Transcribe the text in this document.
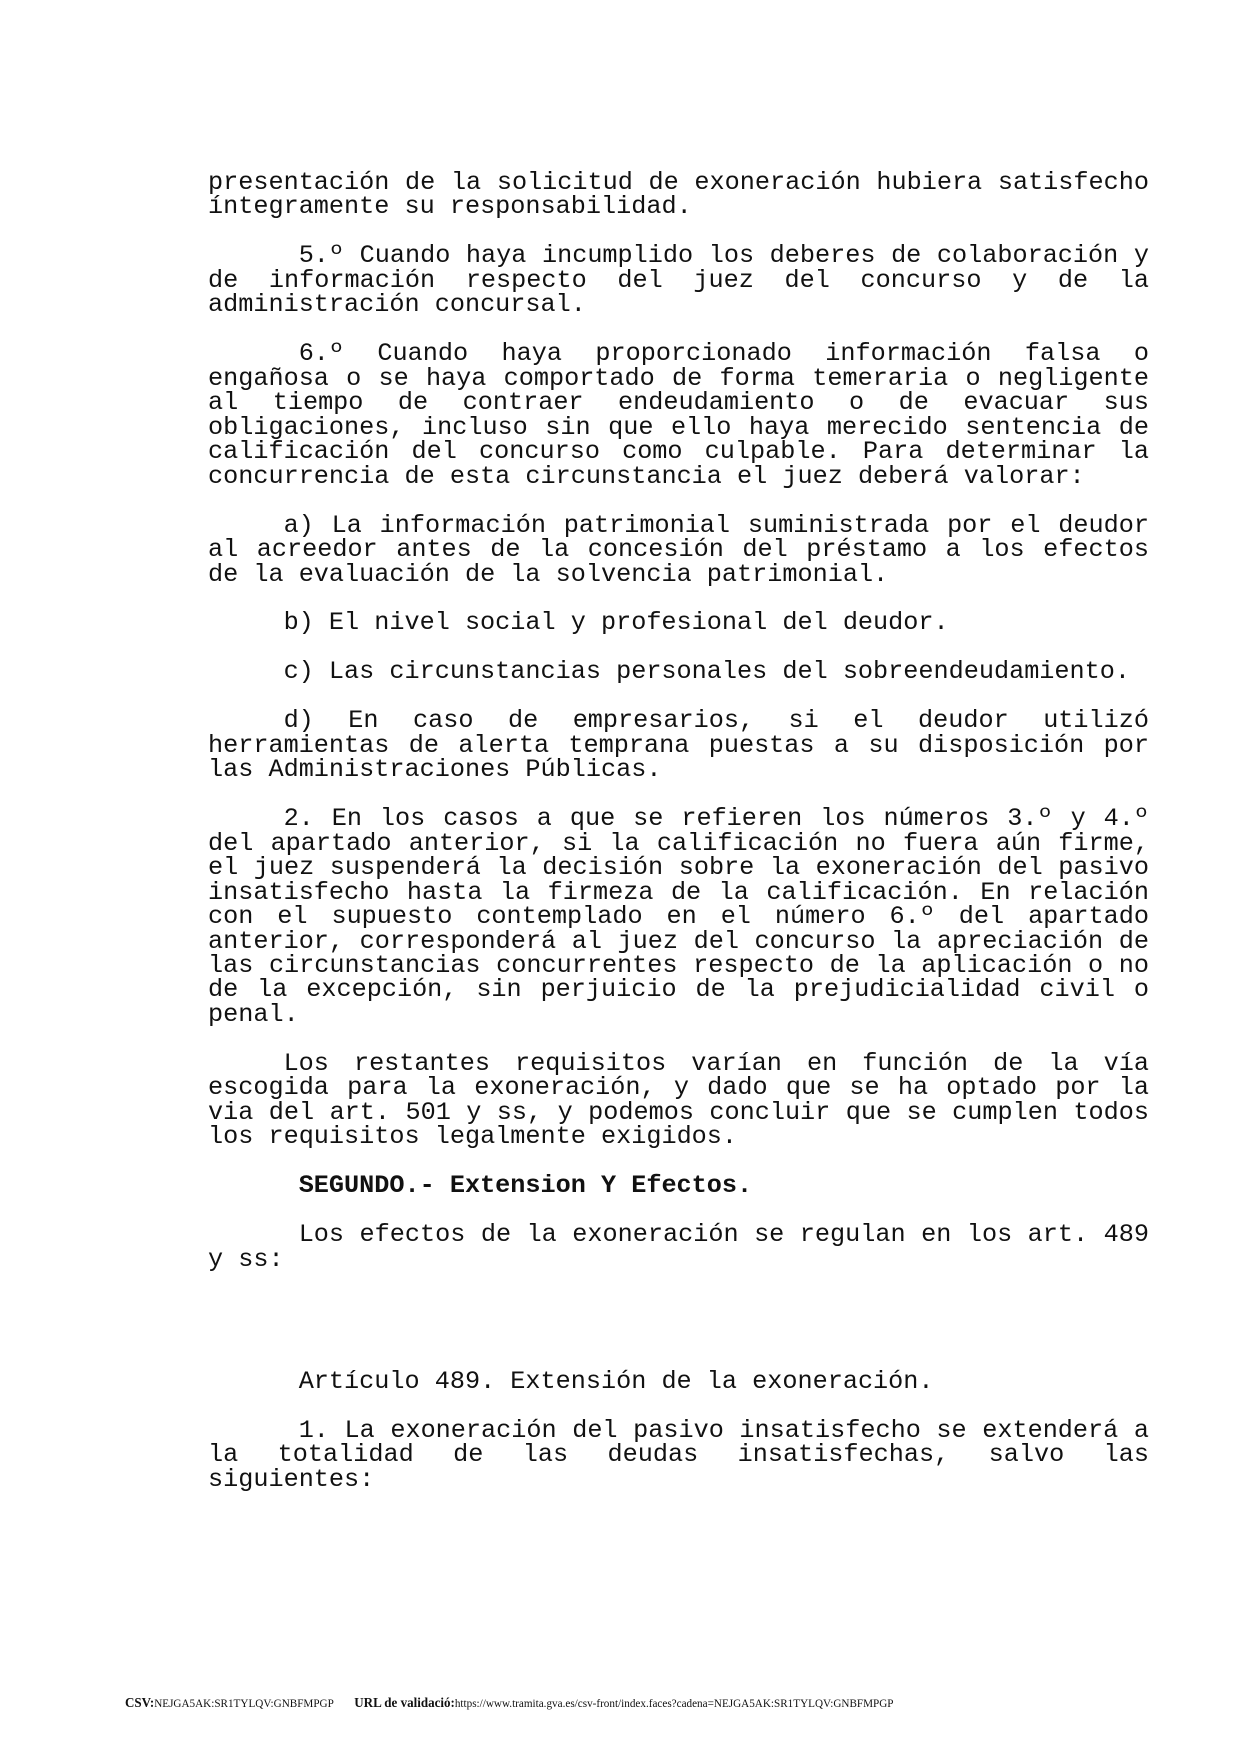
presentación de la solicitud de exoneración hubiera satisfecho íntegramente su responsabilidad.

5.º Cuando haya incumplido los deberes de colaboración y de información respecto del juez del concurso y de la administración concursal.

6.º Cuando haya proporcionado información falsa o engañosa o se haya comportado de forma temeraria o negligente al tiempo de contraer endeudamiento o de evacuar sus obligaciones, incluso sin que ello haya merecido sentencia de calificación del concurso como culpable. Para determinar la concurrencia de esta circunstancia el juez deberá valorar:

a) La información patrimonial suministrada por el deudor al acreedor antes de la concesión del préstamo a los efectos de la evaluación de la solvencia patrimonial.

b) El nivel social y profesional del deudor.

c) Las circunstancias personales del sobreendeudamiento.

d) En caso de empresarios, si el deudor utilizó herramientas de alerta temprana puestas a su disposición por las Administraciones Públicas.

2. En los casos a que se refieren los números 3.º y 4.º del apartado anterior, si la calificación no fuera aún firme, el juez suspenderá la decisión sobre la exoneración del pasivo insatisfecho hasta la firmeza de la calificación. En relación con el supuesto contemplado en el número 6.º del apartado anterior, corresponderá al juez del concurso la apreciación de las circunstancias concurrentes respecto de la aplicación o no de la excepción, sin perjuicio de la prejudicialidad civil o penal.

Los restantes requisitos varían en función de la vía escogida para la exoneración, y dado que se ha optado por la via del art. 501 y ss, y podemos concluir que se cumplen todos los requisitos legalmente exigidos.

SEGUNDO.- Extension Y Efectos.

Los efectos de la exoneración se regulan en los art. 489 y ss:

Artículo 489. Extensión de la exoneración.

1. La exoneración del pasivo insatisfecho se extenderá a la totalidad de las deudas insatisfechas, salvo las siguientes:

CSV:NEJGA5AK:SR1TYLQV:GNBFMPGP URL de validació:https://www.tramita.gva.es/csv-front/index.faces?cadena=NEJGA5AK:SR1TYLQV:GNBFMPGP
